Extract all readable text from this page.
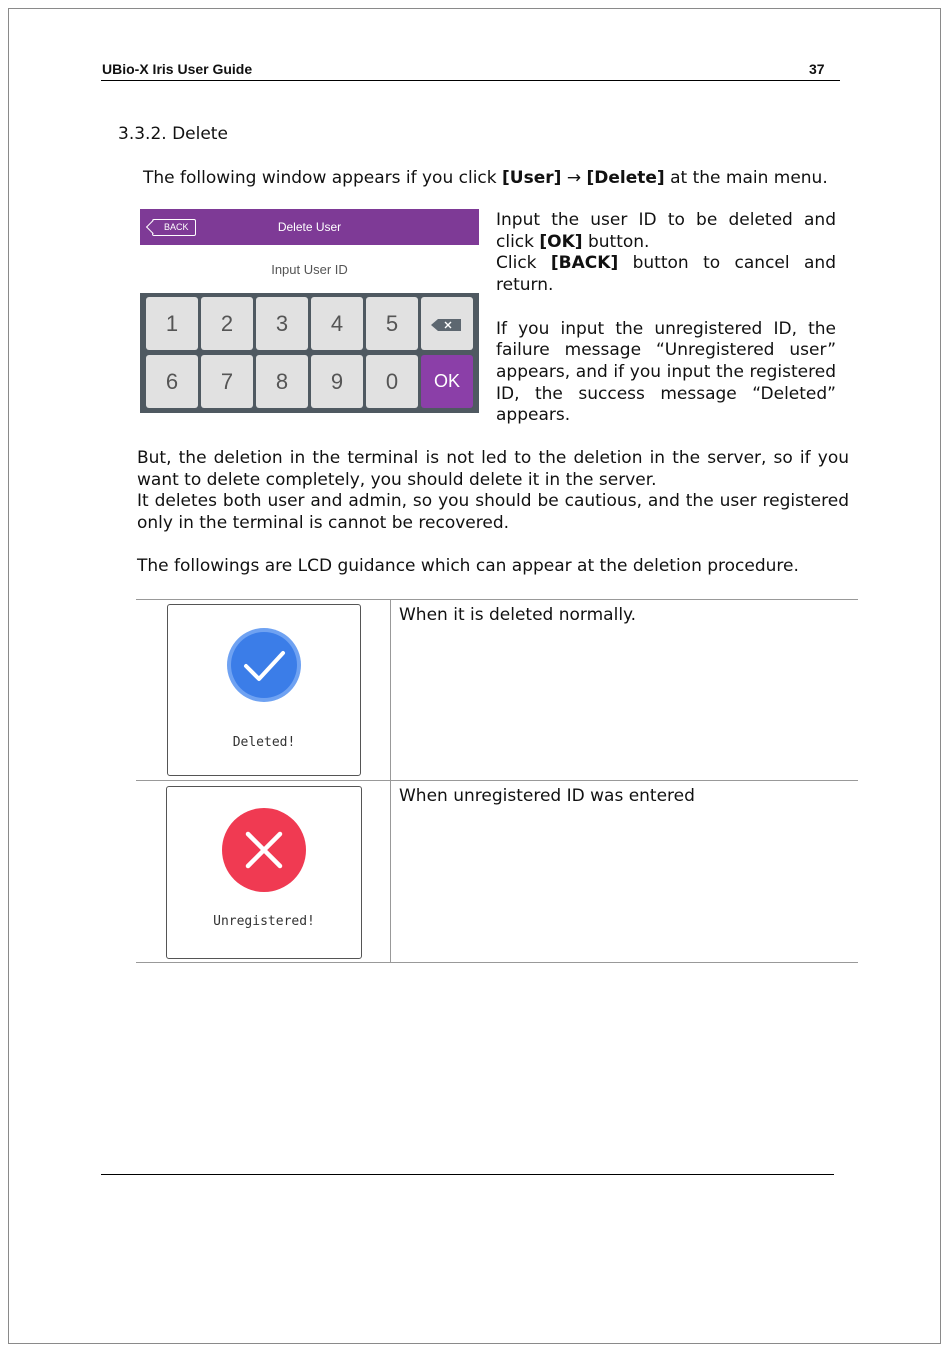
UBio-X Iris User Guide	37
3.3.2. Delete
The following window appears if you click [User] → [Delete] at the main menu.
BACK	Delete User
Input User ID
1	2	3	4	5
6	7	8	9	0	OK

Input the user ID to be deleted and click [OK] button.

Click [BACK] button to cancel and return.

If you input the unregistered ID, the failure message “Unregistered user” appears, and if you input the registered ID, the success message “Deleted” appears.

But, the deletion in the terminal is not led to the deletion in the server, so if you want to delete completely, you should delete it in the server.

It deletes both user and admin, so you should be cautious, and the user registered only in the terminal is cannot be recovered.

The followings are LCD guidance which can appear at the deletion procedure.

Deleted!
When it is deleted normally.
Unregistered!
When unregistered ID was entered
